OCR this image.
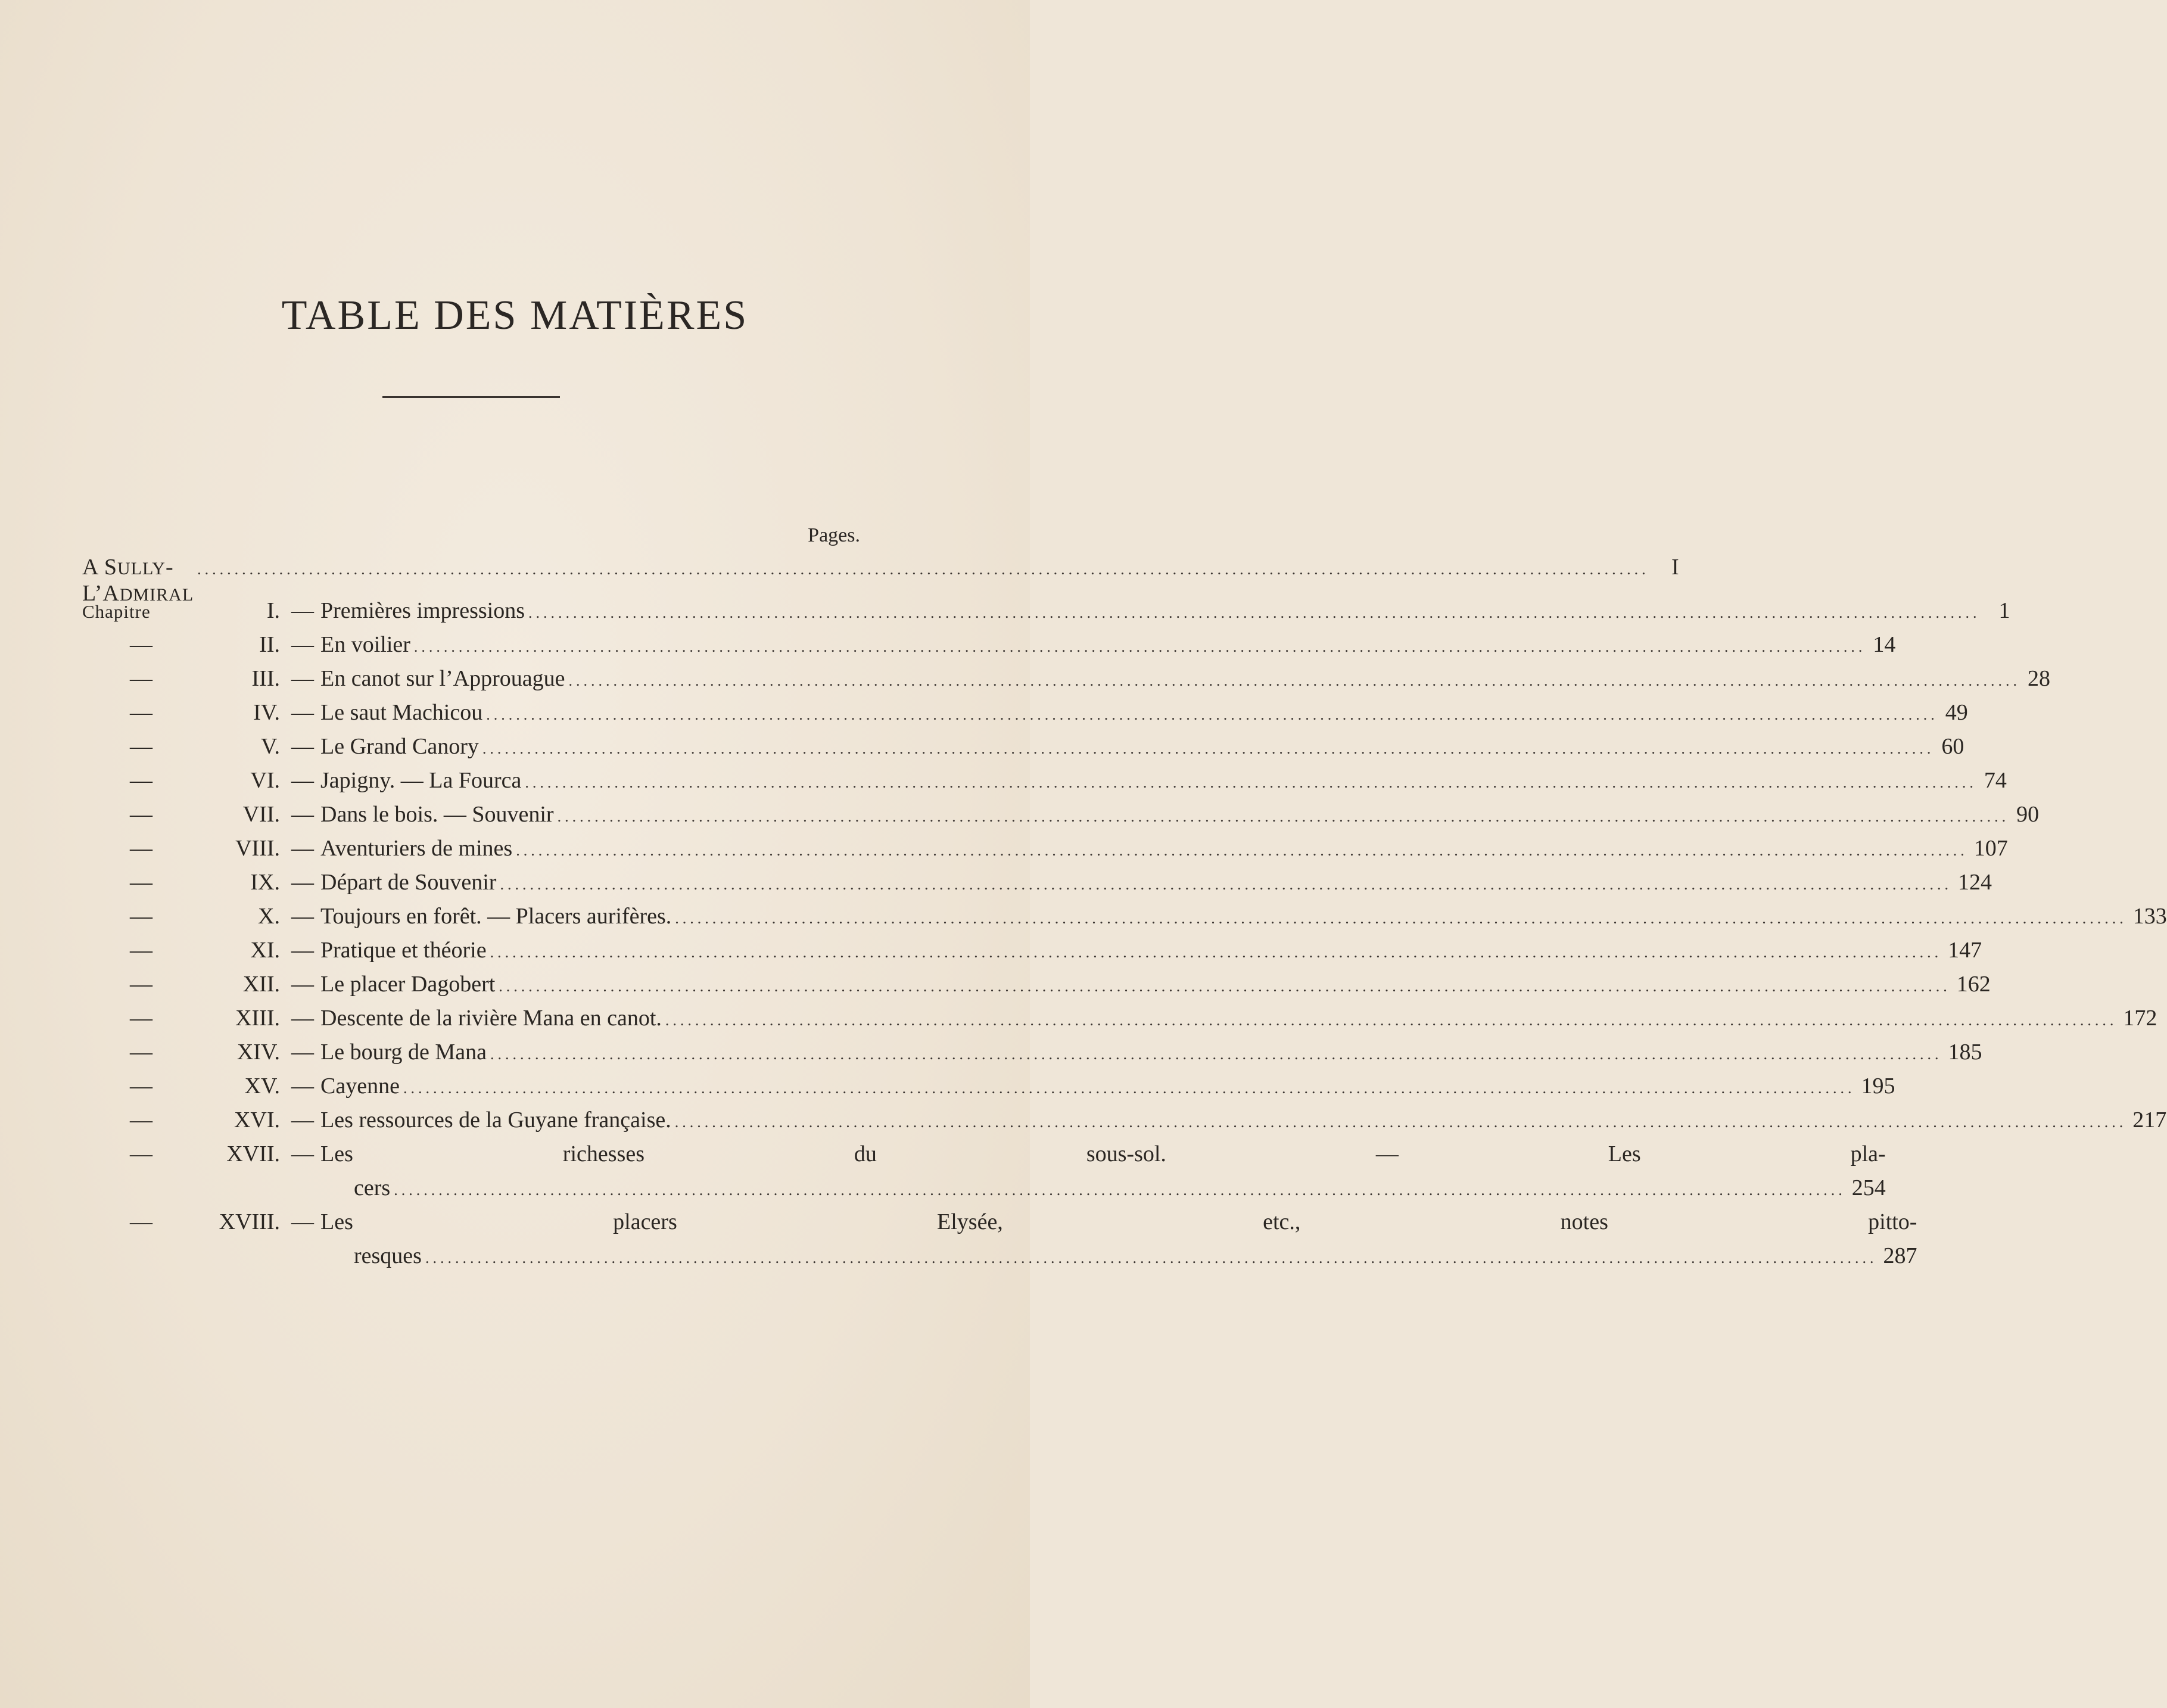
TABLE DES MATIÈRES
Pages.
A SULLY-L’ADMIRAL
.....
I
Chapitre	I. — Premières impressions .....	1
—	II. — En voilier .....	14
—	III. — En canot sur l’Approuague .....	28
—	IV. — Le saut Machicou .....	49
—	V. — Le Grand Canory .....	60
—	VI. — Japigny. — La Fourca .....	74
—	VII. — Dans le bois. — Souvenir .....	90
—	VIII. — Aventuriers de mines .....	107
—	IX. — Départ de Souvenir .....	124
—	X. — Toujours en forêt. — Placers aurifères. .....	133
—	XI. — Pratique et théorie .....	147
—	XII. — Le placer Dagobert .....	162
—	XIII. — Descente de la rivière Mana en canot. .....	172
—	XIV. — Le bourg de Mana .....	185
—	XV. — Cayenne .....	195
—	XVI. — Les ressources de la Guyane française. .....	217
—	XVII. — Les richesses du sous-sol. — Les pla-
cers .....	254
—	XVIII. — Les placers Elysée, etc., notes pitto-
resques .....	287
